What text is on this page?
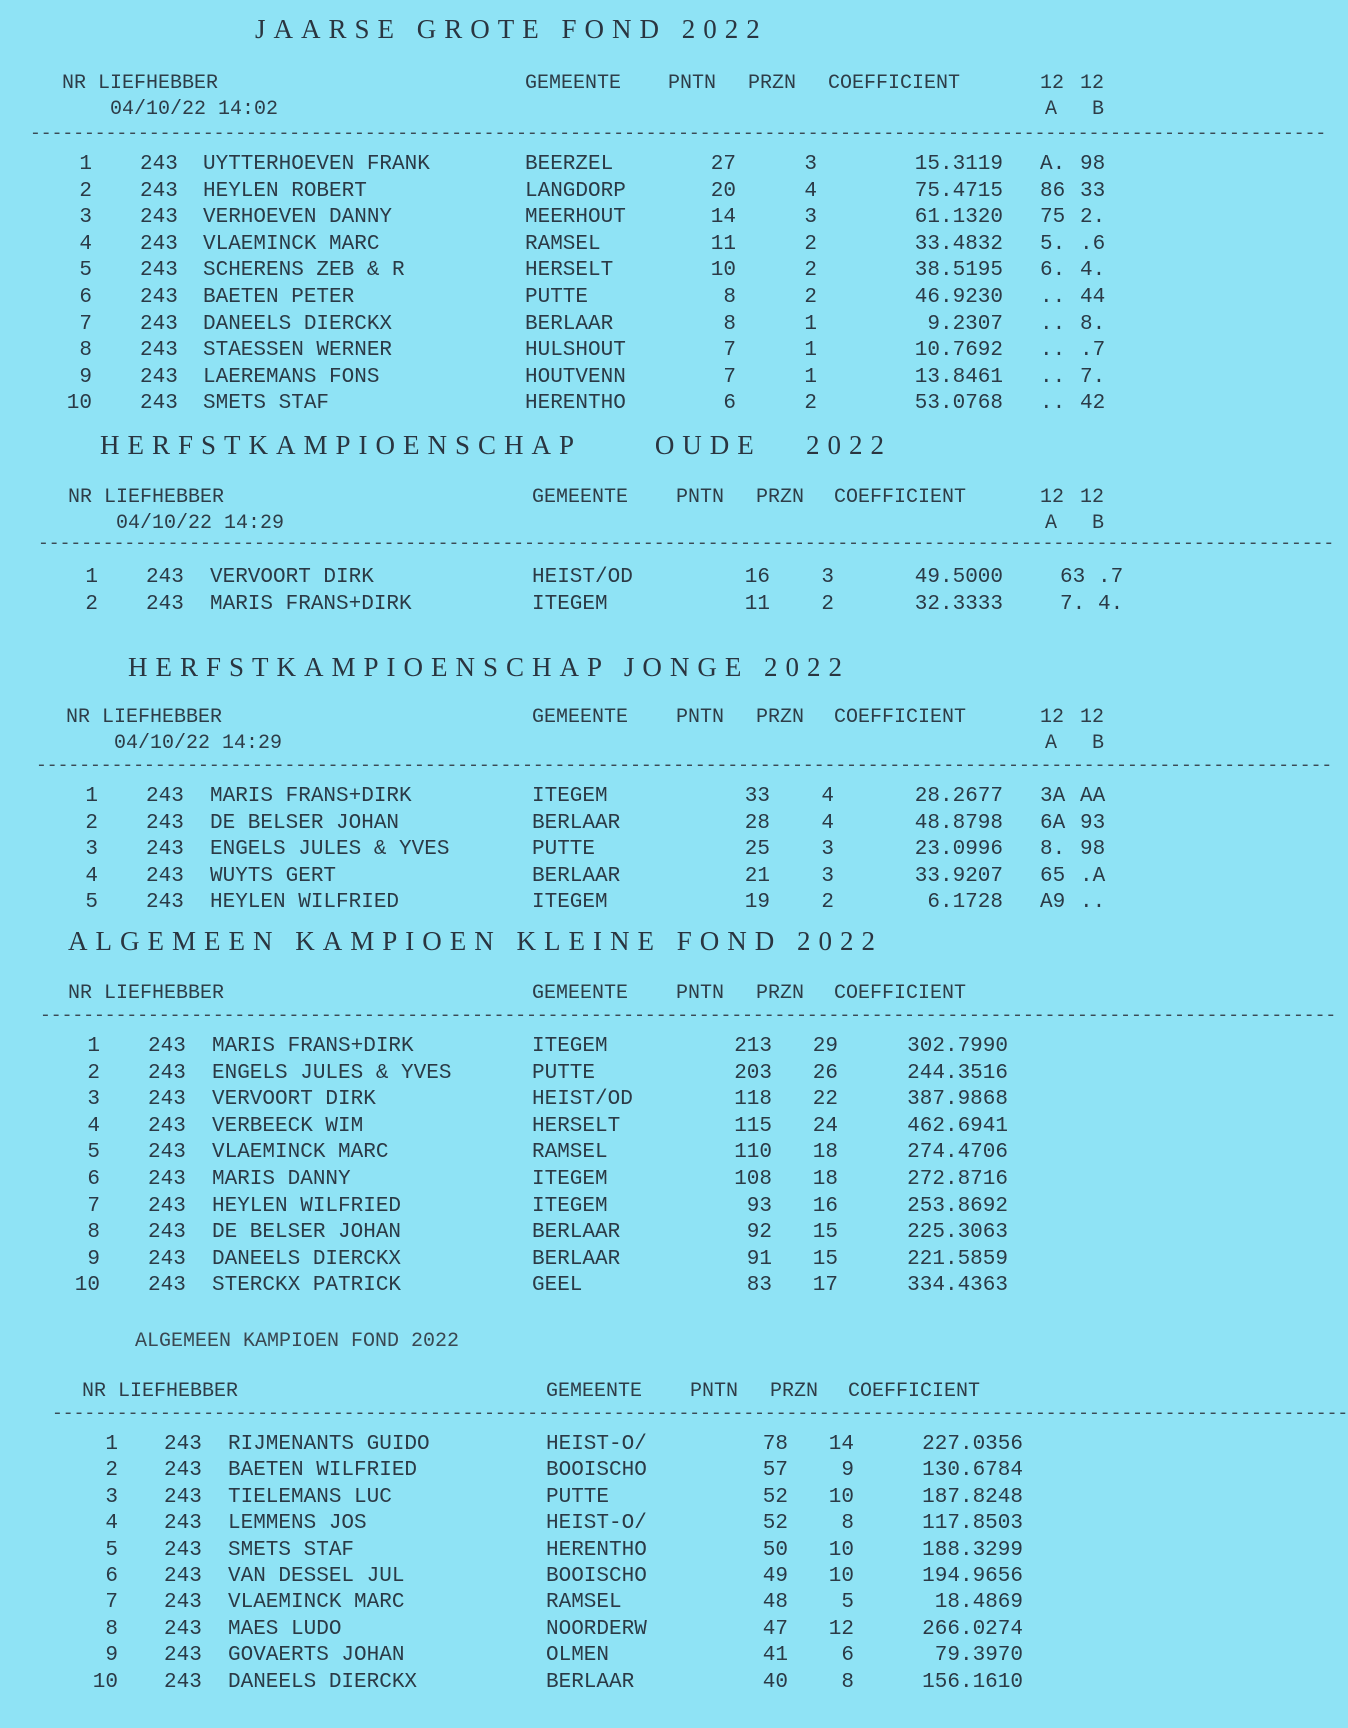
JAARSE GROTE FOND 2022
NR LIEFHEBBER	GEMEENTE PNTN PRZN COEFFICIENT	12 12
A B
04/10/22 14:02
------------------------------------------------------------------------------------------------------------------------
1 243 UYTTERHOEVEN FRANK	BEERZEL	27	3	15.3119 A. 98
2 243 HEYLEN ROBERT	LANGDORP	20	4	75.4715 86 33
3 243 VERHOEVEN DANNY	MEERHOUT	14	3	61.1320 75 2.
4 243 VLAEMINCK MARC	RAMSEL	11	2	33.4832 5. .6
5 243 SCHERENS ZEB & R	HERSELT	10	2	38.5195 6. 4.
6 243 BAETEN PETER	PUTTE	8	2	46.9230 .. 44
7 243 DANEELS DIERCKX	BERLAAR	8	1	9.2307 .. 8.
8 243 STAESSEN WERNER	HULSHOUT	7	1	10.7692 .. .7
9 243 LAEREMANS FONS	HOUTVENN	7	1	13.8461 .. 7.
10 243 SMETS STAF	HERENTHO	6	2	53.0768 .. 42
HERFSTKAMPIOENSCHAP     OUDE   2022
NR LIEFHEBBER	GEMEENTE PNTN PRZN COEFFICIENT	12 12
A B
04/10/22 14:29
------------------------------------------------------------------------------------------------------------------------
1 243 VERVOORT DIRK	HEIST/OD	16 3	49.5000	63 .7
2 243 MARIS FRANS+DIRK	ITEGEM	11 2	32.3333	7. 4.
HERFSTKAMPIOENSCHAP JONGE 2022
NR LIEFHEBBER	GEMEENTE PNTN PRZN COEFFICIENT	12 12
A B
04/10/22 14:29
------------------------------------------------------------------------------------------------------------------------
1 243 MARIS FRANS+DIRK	ITEGEM	33 4	28.2677 3A AA
2 243 DE BELSER JOHAN	BERLAAR	28 4	48.8798 6A 93
3 243 ENGELS JULES & YVES	PUTTE	25 3	23.0996 8. 98
4 243 WUYTS GERT	BERLAAR	21 3	33.9207 65 .A
5 243 HEYLEN WILFRIED	ITEGEM	19 2	6.1728 A9 ..
ALGEMEEN KAMPIOEN KLEINE FOND 2022
NR LIEFHEBBER	GEMEENTE PNTN PRZN COEFFICIENT
------------------------------------------------------------------------------------------------------------------------
1 243 MARIS FRANS+DIRK	ITEGEM	213 29	302.7990
2 243 ENGELS JULES & YVES	PUTTE	203 26	244.3516
3 243 VERVOORT DIRK	HEIST/OD	118 22	387.9868
4 243 VERBEECK WIM	HERSELT	115 24	462.6941
5 243 VLAEMINCK MARC	RAMSEL	110 18	274.4706
6 243 MARIS DANNY	ITEGEM	108 18	272.8716
7 243 HEYLEN WILFRIED	ITEGEM	93 16	253.8692
8 243 DE BELSER JOHAN	BERLAAR	92 15	225.3063
9 243 DANEELS DIERCKX	BERLAAR	91 15	221.5859
10 243 STERCKX PATRICK	GEEL	83 17	334.4363
ALGEMEEN KAMPIOEN FOND 2022
NR LIEFHEBBER	GEMEENTE PNTN PRZN COEFFICIENT
------------------------------------------------------------------------------------------------------------------------
1 243 RIJMENANTS GUIDO	HEIST-O/	78 14	227.0356
2 243 BAETEN WILFRIED	BOOISCHO	57	9	130.6784
3 243 TIELEMANS LUC	PUTTE	52 10	187.8248
4 243 LEMMENS JOS	HEIST-O/	52	8	117.8503
5 243 SMETS STAF	HERENTHO	50 10	188.3299
6 243 VAN DESSEL JUL	BOOISCHO	49 10	194.9656
7 243 VLAEMINCK MARC	RAMSEL	48	5	18.4869
8 243 MAES LUDO	NOORDERW	47 12	266.0274
9 243 GOVAERTS JOHAN	OLMEN	41	6	79.3970
10 243 DANEELS DIERCKX	BERLAAR	40	8	156.1610
